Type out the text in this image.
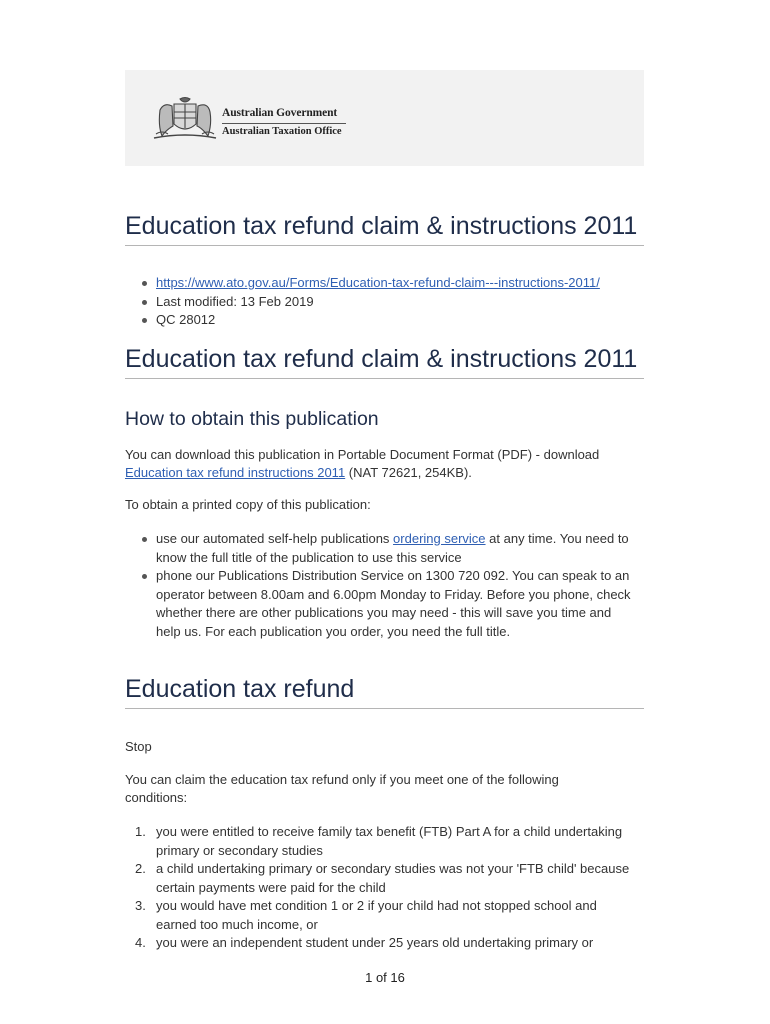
Australian Government
Australian Taxation Office
Education tax refund claim & instructions 2011
https://www.ato.gov.au/Forms/Education-tax-refund-claim---instructions-2011/
Last modified: 13 Feb 2019
QC 28012
Education tax refund claim & instructions 2011
How to obtain this publication

You can download this publication in Portable Document Format (PDF) - download Education tax refund instructions 2011 (NAT 72621, 254KB).

To obtain a printed copy of this publication:

use our automated self-help publications ordering service at any time. You need to know the full title of the publication to use this service
phone our Publications Distribution Service on 1300 720 092. You can speak to an operator between 8.00am and 6.00pm Monday to Friday. Before you phone, check whether there are other publications you may need - this will save you time and help us. For each publication you order, you need the full title.
Education tax refund

Stop

You can claim the education tax refund only if you meet one of the following conditions:

1. you were entitled to receive family tax benefit (FTB) Part A for a child undertaking primary or secondary studies
2. a child undertaking primary or secondary studies was not your 'FTB child' because certain payments were paid for the child
3. you would have met condition 1 or 2 if your child had not stopped school and earned too much income, or
4. you were an independent student under 25 years old undertaking primary or
1 of 16
